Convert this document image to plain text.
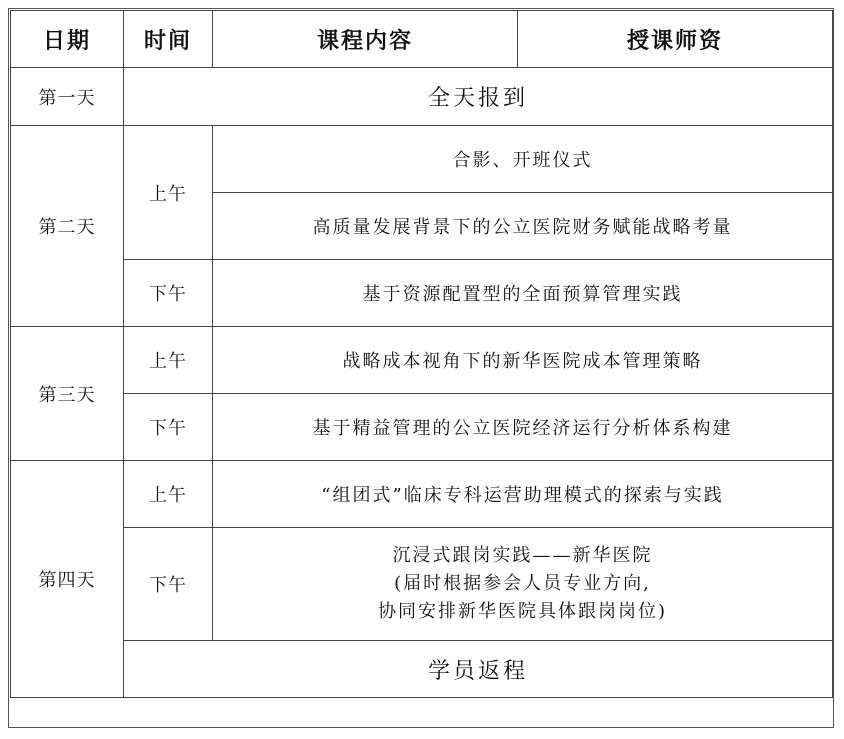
日期	时间	课程内容	授课师资
第一天	全天报到		
第二天	上午	合影、开班仪式	
		高质量发展背景下的公立医院财务赋能战略考量	
	下午	基于资源配置型的全面预算管理实践	
第三天	上午	战略成本视角下的新华医院成本管理策略	
	下午	基于精益管理的公立医院经济运行分析体系构建	
第四天	上午	“组团式”临床专科运营助理模式的探索与实践	
	下午	沉浸式跟岗实践——新华医院
(届时根据参会人员专业方向,
协同安排新华医院具体跟岗岗位)	

	学员返程		
